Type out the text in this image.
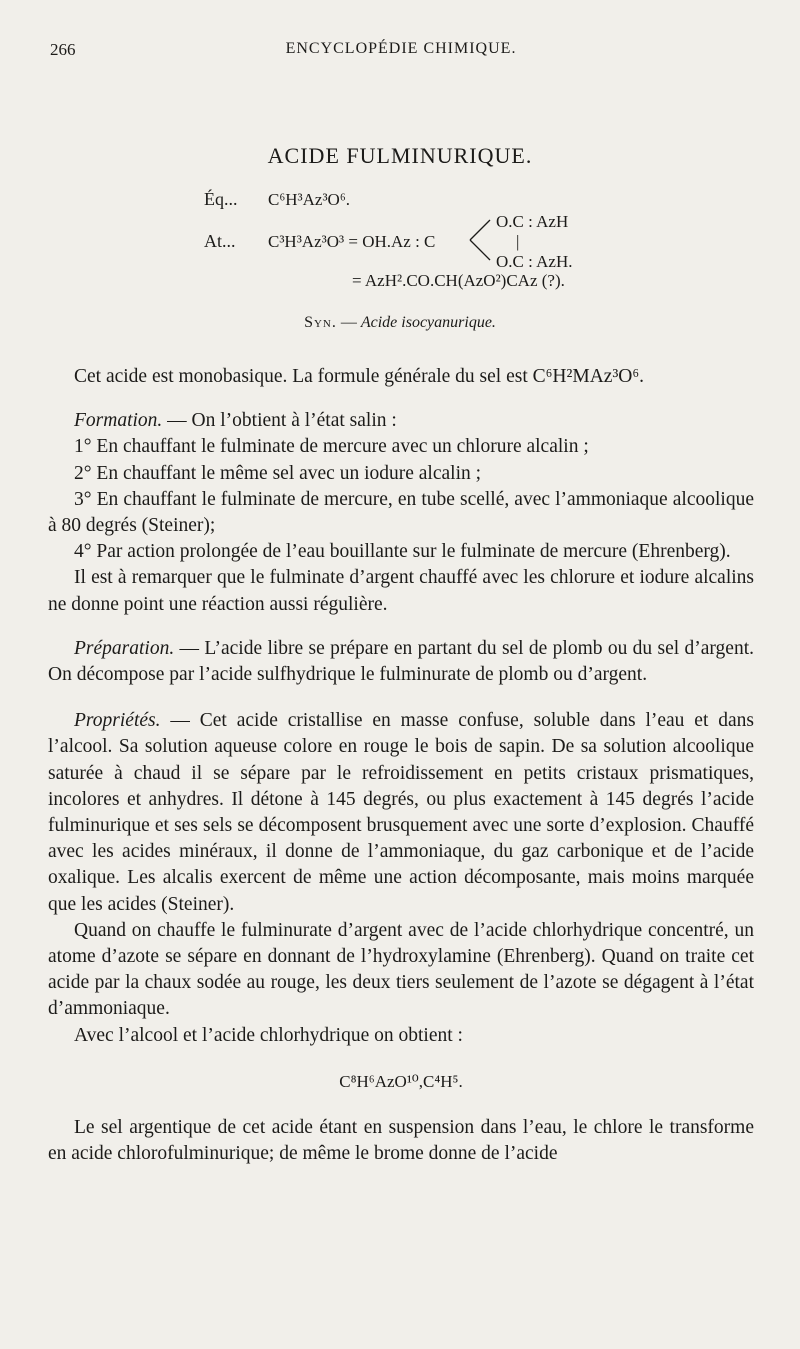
266	ENCYCLOPÉDIE CHIMIQUE.
ACIDE FULMINURIQUE.
Éq... C⁶H³Az³O⁶.
At... C³H³Az³O³ = OH.Az : C
O.C : AzH
|
O.C : AzH.
= AzH².CO.CH(AzO²)CAz (?).
Syn. — Acide isocyanurique.

Cet acide est monobasique. La formule générale du sel est C⁶H²MAz³O⁶.

Formation. — On l’obtient à l’état salin :

1° En chauffant le fulminate de mercure avec un chlorure alcalin ;

2° En chauffant le même sel avec un iodure alcalin ;

3° En chauffant le fulminate de mercure, en tube scellé, avec l’ammoniaque alcoolique à 80 degrés (Steiner);

4° Par action prolongée de l’eau bouillante sur le fulminate de mercure (Ehrenberg).

Il est à remarquer que le fulminate d’argent chauffé avec les chlorure et iodure alcalins ne donne point une réaction aussi régulière.

Préparation. — L’acide libre se prépare en partant du sel de plomb ou du sel d’argent. On décompose par l’acide sulfhydrique le fulminurate de plomb ou d’argent.

Propriétés. — Cet acide cristallise en masse confuse, soluble dans l’eau et dans l’alcool. Sa solution aqueuse colore en rouge le bois de sapin. De sa solution alcoolique saturée à chaud il se sépare par le refroidissement en petits cristaux prismatiques, incolores et anhydres. Il détone à 145 degrés, ou plus exactement à 145 degrés l’acide fulminurique et ses sels se décomposent brusquement avec une sorte d’explosion. Chauffé avec les acides minéraux, il donne de l’ammoniaque, du gaz carbonique et de l’acide oxalique. Les alcalis exercent de même une action décomposante, mais moins marquée que les acides (Steiner).

Quand on chauffe le fulminurate d’argent avec de l’acide chlorhydrique concentré, un atome d’azote se sépare en donnant de l’hydroxylamine (Ehrenberg). Quand on traite cet acide par la chaux sodée au rouge, les deux tiers seulement de l’azote se dégagent à l’état d’ammoniaque.

Avec l’alcool et l’acide chlorhydrique on obtient :

C⁸H⁶AzO¹⁰,C⁴H⁵.

Le sel argentique de cet acide étant en suspension dans l’eau, le chlore le transforme en acide chlorofulminurique; de même le brome donne de l’acide
